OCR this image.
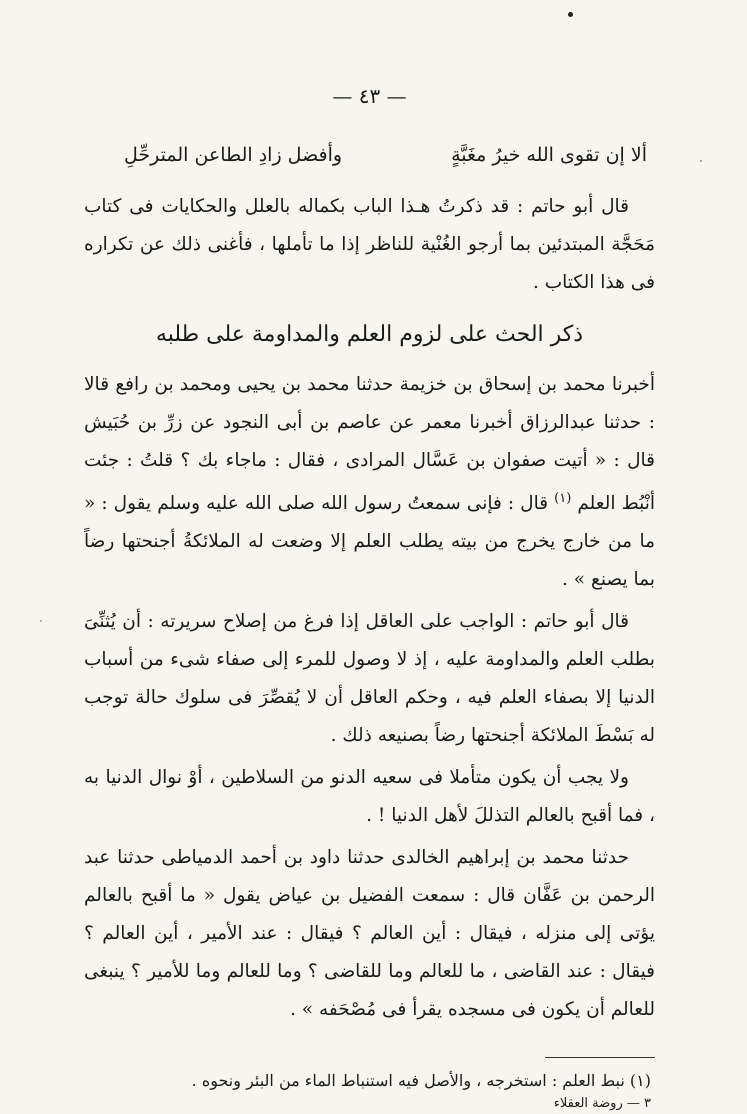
— ٤٣ —
ألا إن تقوى الله خيرُ مغَبَّةٍ
وأفضل زادِ الطاعن المترحِّلِ

قال أبو حاتم : قد ذكرتُ هـذا الباب بكماله بالعلل والحكايات فى كتاب مَحَجَّة المبتدئين بما أرجو الغُنْية للناظر إذا ما تأملها ، فأغنى ذلك عن تكراره فى هذا الكتاب .

ذكر الحث على لزوم العلم والمداومة على طلبه

أخبرنا محمد بن إسحاق بن خزيمة حدثنا محمد بن يحيى ومحمد بن رافع قالا : حدثنا عبدالرزاق أخبرنا معمر عن عاصم بن أبى النجود عن زرِّ بن حُبَيش قال : « أتيت صفوان بن عَسَّال المرادى ، فقال : ماجاء بك ؟ قلتُ : جئت أنْبُط العلم $^{(١)}$ قال : فإنى سمعتُ رسول الله صلى الله عليه وسلم يقول : « ما من خارج يخرج من بيته يطلب العلم إلا وضعت له الملائكةُ أجنحتها رضاً بما يصنع » .

قال أبو حاتم : الواجب على العاقل إذا فرغ من إصلاح سريرته : أن يُثنِّىَ بطلب العلم والمداومة عليه ، إذ لا وصول للمرء إلى صفاء شىء من أسباب الدنيا إلا بصفاء العلم فيه ، وحكم العاقل أن لا يُقصِّرَ فى سلوك حالة توجب له بَسْطَ الملائكة أجنحتها رضاً بصنيعه ذلك .

ولا يجب أن يكون متأملا فى سعيه الدنو من السلاطين ، أوْ نوال الدنيا به ، فما أقبح بالعالم التذللَ لأهل الدنيا ! .

حدثنا محمد بن إبراهيم الخالدى حدثنا داود بن أحمد الدمياطى حدثنا عبد الرحمن بن عَفَّان قال : سمعت الفضيل بن عياض يقول « ما أقبح بالعالم يؤتى إلى منزله ، فيقال : أين العالم ؟ فيقال : عند الأمير ، أين العالم ؟ فيقال : عند القاضى ، ما للعالم وما للقاضى ؟ وما للعالم وما للأمير ؟ ينبغى للعالم أن يكون فى مسجده يقرأ فى مُصْحَفه » .

(١) نبط العلم : استخرجه ، والأصل فيه استنباط الماء من البئر ونحوه .
٣ — روضة العقلاء
